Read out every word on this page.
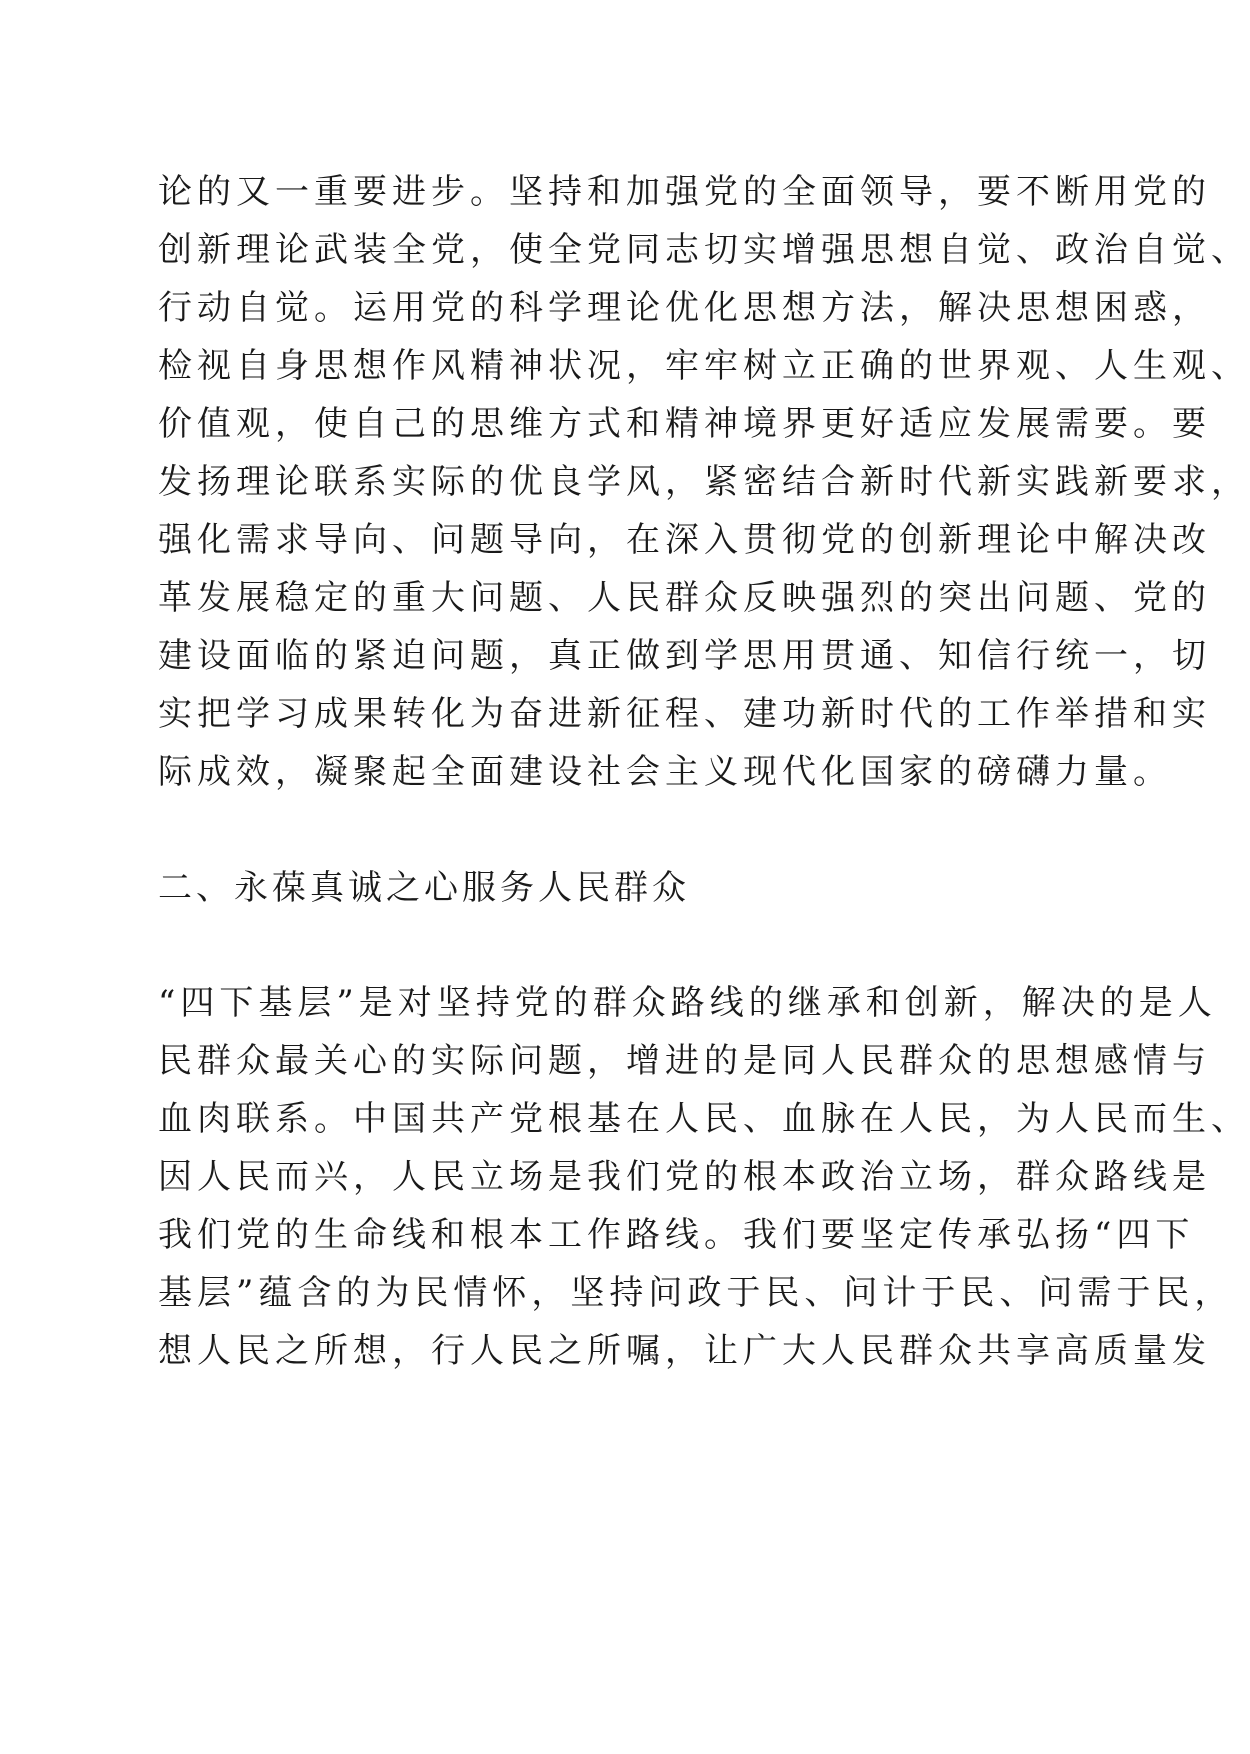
论的又一重要进步。坚持和加强党的全面领导，要不断用党的
创新理论武装全党，使全党同志切实增强思想自觉、政治自觉、
行动自觉。运用党的科学理论优化思想方法，解决思想困惑，
检视自身思想作风精神状况，牢牢树立正确的世界观、人生观、
价值观，使自己的思维方式和精神境界更好适应发展需要。要
发扬理论联系实际的优良学风，紧密结合新时代新实践新要求，
强化需求导向、问题导向，在深入贯彻党的创新理论中解决改
革发展稳定的重大问题、人民群众反映强烈的突出问题、党的
建设面临的紧迫问题，真正做到学思用贯通、知信行统一，切
实把学习成果转化为奋进新征程、建功新时代的工作举措和实
际成效，凝聚起全面建设社会主义现代化国家的磅礴力量。
二、永葆真诚之心服务人民群众
“四下基层”是对坚持党的群众路线的继承和创新，解决的是人
民群众最关心的实际问题，增进的是同人民群众的思想感情与
血肉联系。中国共产党根基在人民、血脉在人民，为人民而生、
因人民而兴，人民立场是我们党的根本政治立场，群众路线是
我们党的生命线和根本工作路线。我们要坚定传承弘扬“四下
基层”蕴含的为民情怀，坚持问政于民、问计于民、问需于民，
想人民之所想，行人民之所嘱，让广大人民群众共享高质量发
